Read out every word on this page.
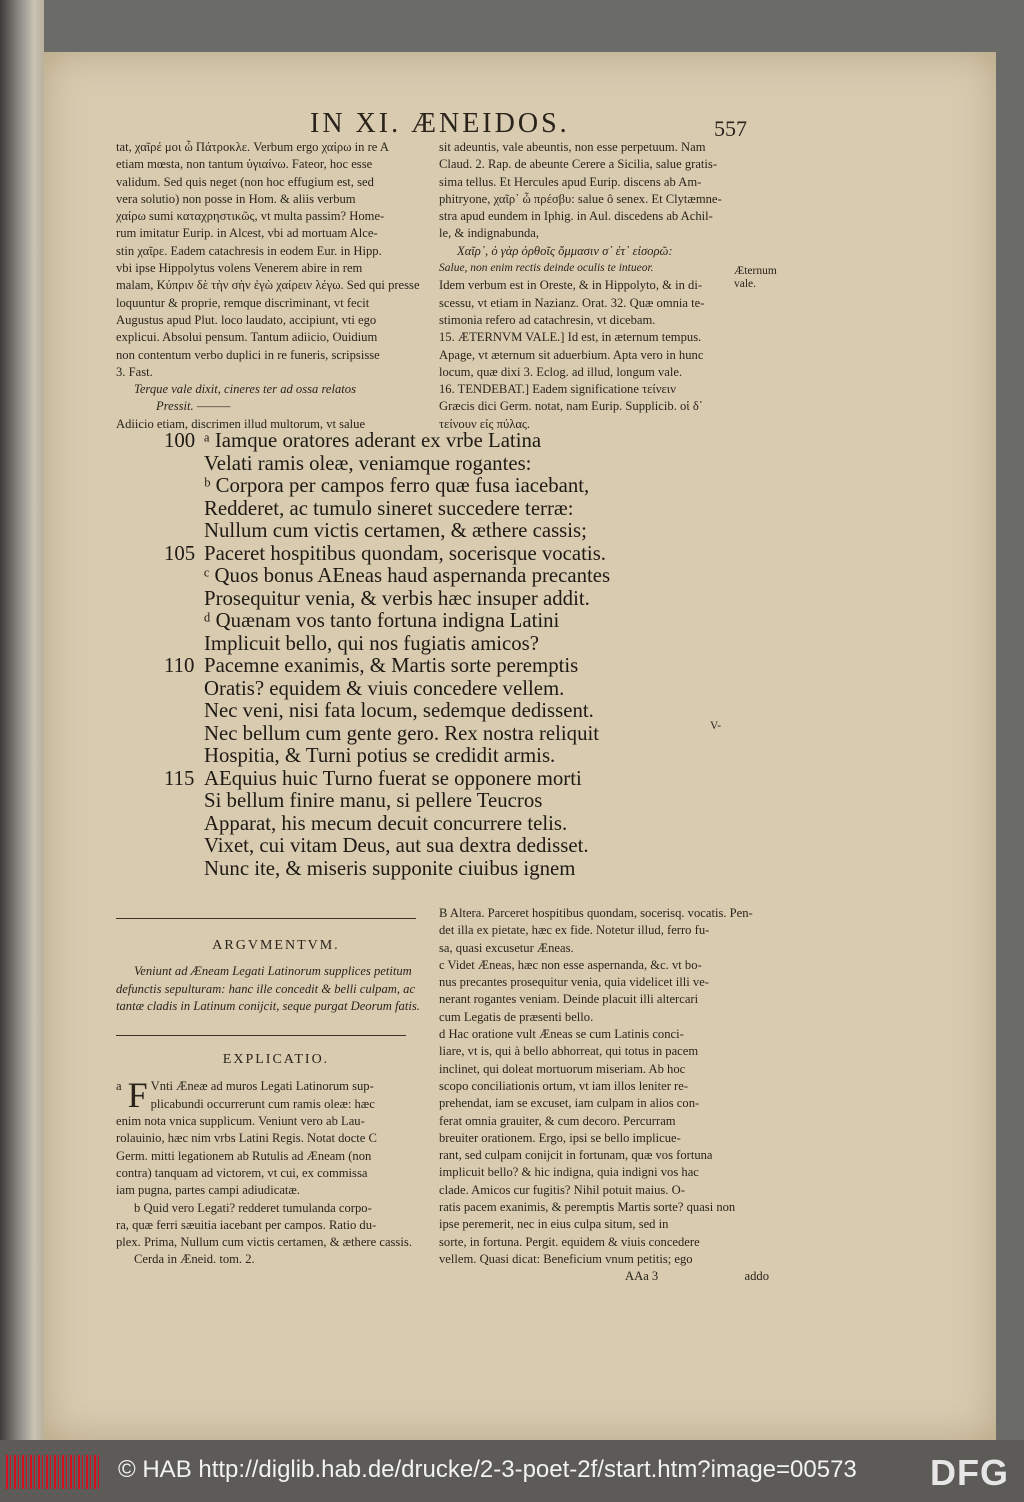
IN XI. ÆNEIDOS.	557
tat, χαῖρέ μοι ὦ Πάτροκλε. Verbum ergo χαίρω in re A
etiam mœsta, non tantum ὑγιαίνω. Fateor, hoc esse
validum. Sed quis neget (non hoc effugium est, sed
vera solutio) non posse in Hom. & aliis verbum
χαίρω sumi καταχρηστικῶς, vt multa passim? Home-
rum imitatur Eurip. in Alcest, vbi ad mortuam Alce-
stin χαῖρε. Eadem catachresis in eodem Eur. in Hipp.
vbi ipse Hippolytus volens Venerem abire in rem
malam, Κύπριν δὲ τὴν σὴν ἐγὼ χαίρειν λέγω. Sed qui presse
loquuntur & proprie, remque discriminant, vt fecit
Augustus apud Plut. loco laudato, accipiunt, vti ego
explicui. Absolui pensum. Tantum adiicio, Ouidium
non contentum verbo duplici in re funeris, scripsisse
3. Fast.
Terque vale dixit, cineres ter ad ossa relatos
Pressit. ———
Adiicio etiam, discrimen illud multorum, vt salue
sit adeuntis, vale abeuntis, non esse perpetuum. Nam
Claud. 2. Rap. de abeunte Cerere a Sicilia, salue gratis-
sima tellus. Et Hercules apud Eurip. discens ab Am-
phitryone, χαῖρ᾽ ὦ πρέσβυ: salue ô senex. Et Clytæmne-
stra apud eundem in Iphig. in Aul. discedens ab Achil-
le, & indignabunda,
Χαῖρ᾽, ὀ γὰρ ὀρθοῖς ὄμμασιν σ᾽ ἐτ᾽ εἰσορῶ:
Salue, non enim rectis deinde oculis te intueor.
Idem verbum est in Oreste, & in Hippolyto, & in di-
scessu, vt etiam in Nazianz. Orat. 32. Quæ omnia te-
stimonia refero ad catachresin, vt dicebam.
15. ÆTERNVM VALE.] Id est, in æternum tempus.
Apage, vt æternum sit aduerbium. Apta vero in hunc
locum, quæ dixi 3. Eclog. ad illud, longum vale.
16. TENDEBAT.] Eadem significatione τείνειν
Græcis dici Germ. notat, nam Eurip. Supplicib. οἱ δ᾽
τείνουν εἰς πύλας.
Æternum vale.
V-
100 ᵃ Iamque oratores aderant ex vrbe Latina
Velati ramis oleæ, veniamque rogantes:
ᵇ Corpora per campos ferro quæ fusa iacebant,
Redderet, ac tumulo sineret succedere terræ:
Nullum cum victis certamen, & æthere cassis;
105 Paceret hospitibus quondam, socerisque vocatis.
ᶜ Quos bonus AEneas haud aspernanda precantes
Prosequitur venia, & verbis hæc insuper addit.
ᵈ Quænam vos tanto fortuna indigna Latini
Implicuit bello, qui nos fugiatis amicos?
110 Pacemne exanimis, & Martis sorte peremptis
Oratis? equidem & viuis concedere vellem.
Nec veni, nisi fata locum, sedemque dedissent.
Nec bellum cum gente gero. Rex nostra reliquit
Hospitia, & Turni potius se credidit armis.
115 AEquius huic Turno fuerat se opponere morti
Si bellum finire manu, si pellere Teucros
Apparat, his mecum decuit concurrere telis.
Vixet, cui vitam Deus, aut sua dextra dedisset.
Nunc ite, & miseris supponite ciuibus ignem
ARGVMENTVM.
Veniunt ad Æneam Legati Latinorum supplices petitum
defunctis sepulturam: hanc ille concedit & belli culpam, ac
tantæ cladis in Latinum conijcit, seque purgat Deorum fatis.
EXPLICATIO.
a F Vnti Æneæ ad muros Legati Latinorum sup-
plicabundi occurrerunt cum ramis oleæ: hæc
enim nota vnica supplicum. Veniunt vero ab Lau-
rolauinio, hæc nim vrbs Latini Regis. Notat docte C
Germ. mitti legationem ab Rutulis ad Æneam (non
contra) tanquam ad victorem, vt cui, ex commissa
iam pugna, partes campi adiudicatæ.
b Quid vero Legati? redderet tumulanda corpo-
ra, quæ ferri sæuitia iacebant per campos. Ratio du-
plex. Prima, Nullum cum victis certamen, & æthere cassis.
Cerda in Æneid. tom. 2.
B Altera. Parceret hospitibus quondam, socerisq. vocatis. Pen-
det illa ex pietate, hæc ex fide. Notetur illud, ferro fu-
sa, quasi excusetur Æneas.
c Videt Æneas, hæc non esse aspernanda, &c. vt bo-
nus precantes prosequitur venia, quia videlicet illi ve-
nerant rogantes veniam. Deinde placuit illi altercari
cum Legatis de præsenti bello.
d Hac oratione vult Æneas se cum Latinis conci-
liare, vt is, qui à bello abhorreat, qui totus in pacem
inclinet, qui doleat mortuorum miseriam. Ab hoc
scopo conciliationis ortum, vt iam illos leniter re-
prehendat, iam se excuset, iam culpam in alios con-
ferat omnia grauiter, & cum decoro. Percurram
breuiter orationem. Ergo, ipsi se bello implicue-
rant, sed culpam conijcit in fortunam, quæ vos fortuna
implicuit bello? & hic indigna, quia indigni vos hac
clade. Amicos cur fugitis? Nihil potuit maius. O-
ratis pacem exanimis, & peremptis Martis sorte? quasi non
ipse peremerit, nec in eius culpa situm, sed in
sorte, in fortuna. Pergit. equidem & viuis concedere
vellem. Quasi dicat: Beneficium vnum petitis; ego
AAa 3	addo
© HAB http://diglib.hab.de/drucke/2-3-poet-2f/start.htm?image=00573 DFG
